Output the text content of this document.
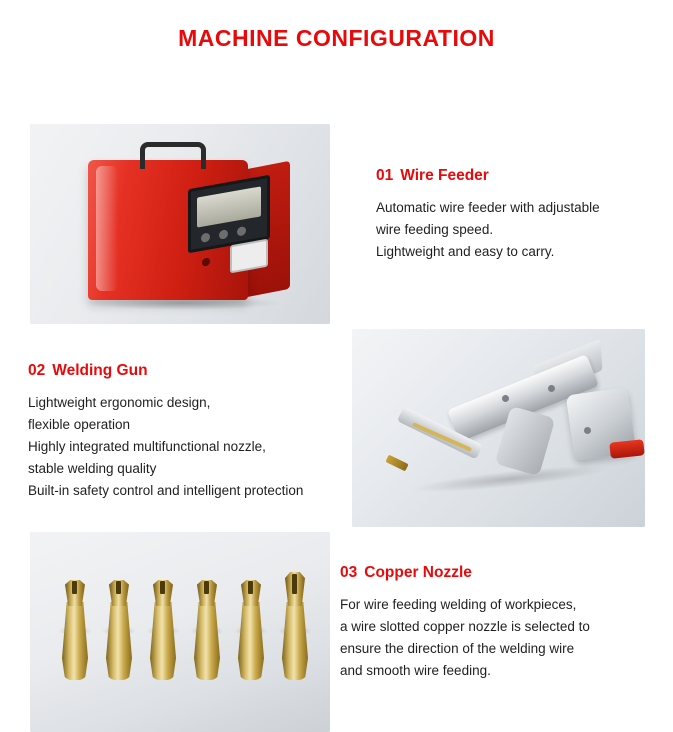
MACHINE CONFIGURATION

01 Wire Feeder

Automatic wire feeder with adjustable
wire feeding speed.
Lightweight and easy to carry.

02 Welding Gun

Lightweight ergonomic design,
flexible operation
Highly integrated multifunctional nozzle,
stable welding quality
Built-in safety control and intelligent protection

03 Copper Nozzle

For wire feeding welding of workpieces,
a wire slotted copper nozzle is selected to
ensure the direction of the welding wire
and smooth wire feeding.
